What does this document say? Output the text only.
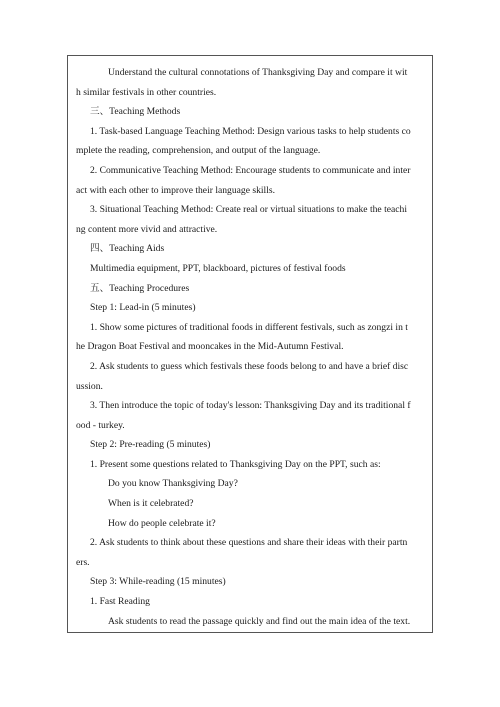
Understand the cultural connotations of Thanksgiving Day and compare it wit
h similar festivals in other countries.
三、Teaching Methods
1. Task-based Language Teaching Method: Design various tasks to help students co
mplete the reading, comprehension, and output of the language.
2. Communicative Teaching Method: Encourage students to communicate and inter
act with each other to improve their language skills.
3. Situational Teaching Method: Create real or virtual situations to make the teachi
ng content more vivid and attractive.
四、Teaching Aids
Multimedia equipment, PPT, blackboard, pictures of festival foods
五、Teaching Procedures
Step 1: Lead-in (5 minutes)
1. Show some pictures of traditional foods in different festivals, such as zongzi in t
he Dragon Boat Festival and mooncakes in the Mid-Autumn Festival.
2. Ask students to guess which festivals these foods belong to and have a brief disc
ussion.
3. Then introduce the topic of today's lesson: Thanksgiving Day and its traditional f
ood - turkey.
Step 2: Pre-reading (5 minutes)
1. Present some questions related to Thanksgiving Day on the PPT, such as:
Do you know Thanksgiving Day?
When is it celebrated?
How do people celebrate it?
2. Ask students to think about these questions and share their ideas with their partn
ers.
Step 3: While-reading (15 minutes)
1. Fast Reading
Ask students to read the passage quickly and find out the main idea of the text.
